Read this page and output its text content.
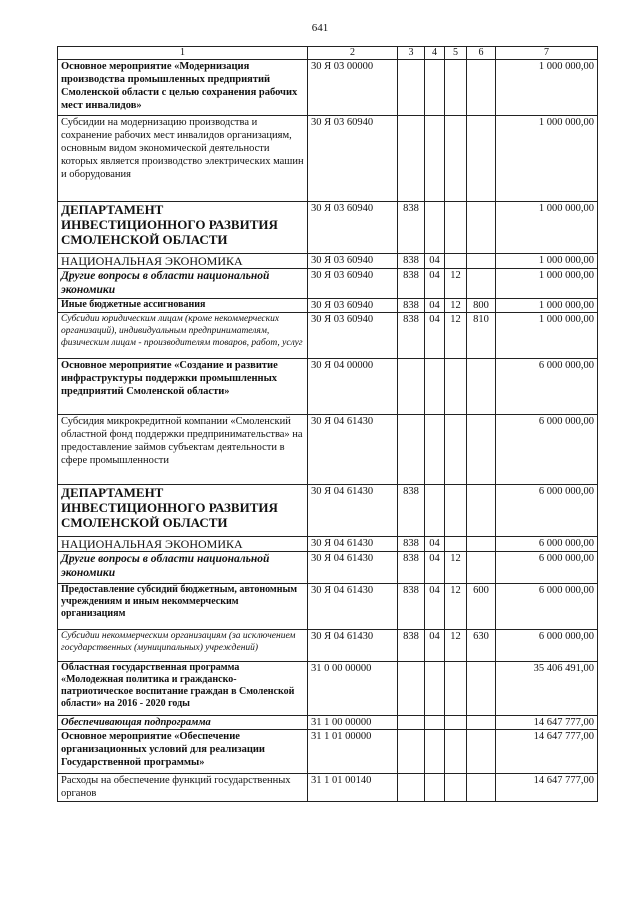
641
1	2	3	4	5	6	7
Основное мероприятие «Модернизация производства промышленных предприятий Смоленской области с целью сохранения рабочих мест инвалидов»	30 Я 03 00000					1 000 000,00
Субсидии на модернизацию производства и сохранение рабочих мест инвалидов организациям, основным видом экономической деятельности которых является производство электрических машин и оборудования	30 Я 03 60940					1 000 000,00
ДЕПАРТАМЕНТ ИНВЕСТИЦИОННОГО РАЗВИТИЯ СМОЛЕНСКОЙ ОБЛАСТИ	30 Я 03 60940	838				1 000 000,00
НАЦИОНАЛЬНАЯ ЭКОНОМИКА	30 Я 03 60940	838	04			1 000 000,00
Другие вопросы в области национальной экономики	30 Я 03 60940	838	04	12		1 000 000,00
Иные бюджетные ассигнования	30 Я 03 60940	838	04	12	800	1 000 000,00
Субсидии юридическим лицам (кроме некоммерческих организаций), индивидуальным предпринимателям, физическим лицам - производителям товаров, работ, услуг	30 Я 03 60940	838	04	12	810	1 000 000,00
Основное мероприятие «Создание и развитие инфраструктуры поддержки промышленных предприятий Смоленской области»	30 Я 04 00000					6 000 000,00
Субсидия микрокредитной компании «Смоленский областной фонд поддержки предпринимательства» на предоставление займов субъектам деятельности в сфере промышленности	30 Я 04 61430					6 000 000,00
ДЕПАРТАМЕНТ ИНВЕСТИЦИОННОГО РАЗВИТИЯ СМОЛЕНСКОЙ ОБЛАСТИ	30 Я 04 61430	838				6 000 000,00
НАЦИОНАЛЬНАЯ ЭКОНОМИКА	30 Я 04 61430	838	04			6 000 000,00
Другие вопросы в области национальной экономики	30 Я 04 61430	838	04	12		6 000 000,00
Предоставление субсидий бюджетным, автономным учреждениям и иным некоммерческим организациям	30 Я 04 61430	838	04	12	600	6 000 000,00
Субсидии некоммерческим организациям (за исключением государственных (муниципальных) учреждений)	30 Я 04 61430	838	04	12	630	6 000 000,00
Областная государственная программа «Молодежная политика и гражданско-патриотическое воспитание граждан в Смоленской области» на 2016 - 2020 годы	31 0 00 00000					35 406 491,00
Обеспечивающая подпрограмма	31 1 00 00000					14 647 777,00
Основное мероприятие «Обеспечение организационных условий для реализации Государственной программы»	31 1 01 00000					14 647 777,00
Расходы на обеспечение функций государственных органов	31 1 01 00140					14 647 777,00
